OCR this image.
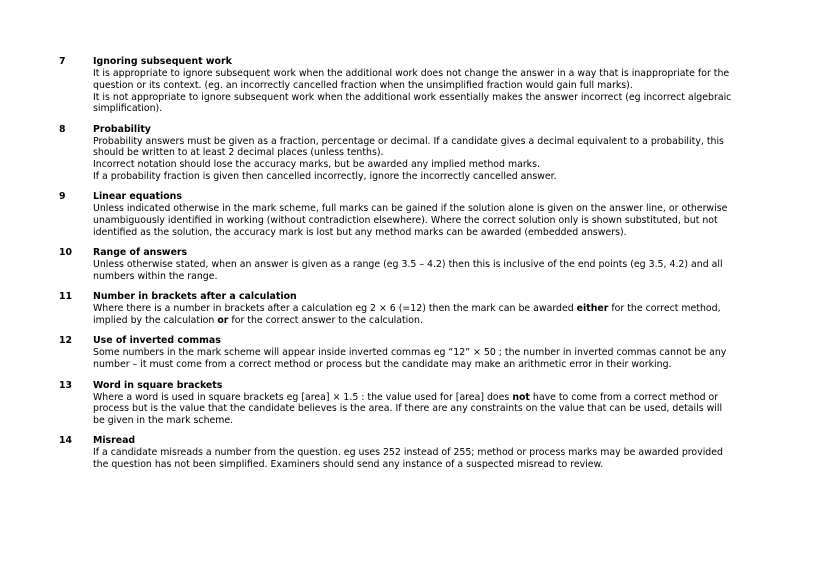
7	Ignoring subsequent work
It is appropriate to ignore subsequent work when the additional work does not change the answer in a way that is inappropriate for the
question or its context. (eg. an incorrectly cancelled fraction when the unsimplified fraction would gain full marks).
It is not appropriate to ignore subsequent work when the additional work essentially makes the answer incorrect (eg incorrect algebraic
simplification).
8	Probability
Probability answers must be given as a fraction, percentage or decimal. If a candidate gives a decimal equivalent to a probability, this
should be written to at least 2 decimal places (unless tenths).
Incorrect notation should lose the accuracy marks, but be awarded any implied method marks.
If a probability fraction is given then cancelled incorrectly, ignore the incorrectly cancelled answer.
9	Linear equations
Unless indicated otherwise in the mark scheme, full marks can be gained if the solution alone is given on the answer line, or otherwise
unambiguously identified in working (without contradiction elsewhere). Where the correct solution only is shown substituted, but not
identified as the solution, the accuracy mark is lost but any method marks can be awarded (embedded answers).
10 Range of answers
Unless otherwise stated, when an answer is given as a range (eg 3.5 – 4.2) then this is inclusive of the end points (eg 3.5, 4.2) and all
numbers within the range.
11 Number in brackets after a calculation
Where there is a number in brackets after a calculation eg 2 × 6 (=12) then the mark can be awarded either for the correct method,
implied by the calculation or for the correct answer to the calculation.
12 Use of inverted commas
Some numbers in the mark scheme will appear inside inverted commas eg “12” × 50 ; the number in inverted commas cannot be any
number – it must come from a correct method or process but the candidate may make an arithmetic error in their working.
13 Word in square brackets
Where a word is used in square brackets eg [area] × 1.5 : the value used for [area] does not have to come from a correct method or
process but is the value that the candidate believes is the area. If there are any constraints on the value that can be used, details will
be given in the mark scheme.
14 Misread
If a candidate misreads a number from the question. eg uses 252 instead of 255; method or process marks may be awarded provided
the question has not been simplified. Examiners should send any instance of a suspected misread to review.
